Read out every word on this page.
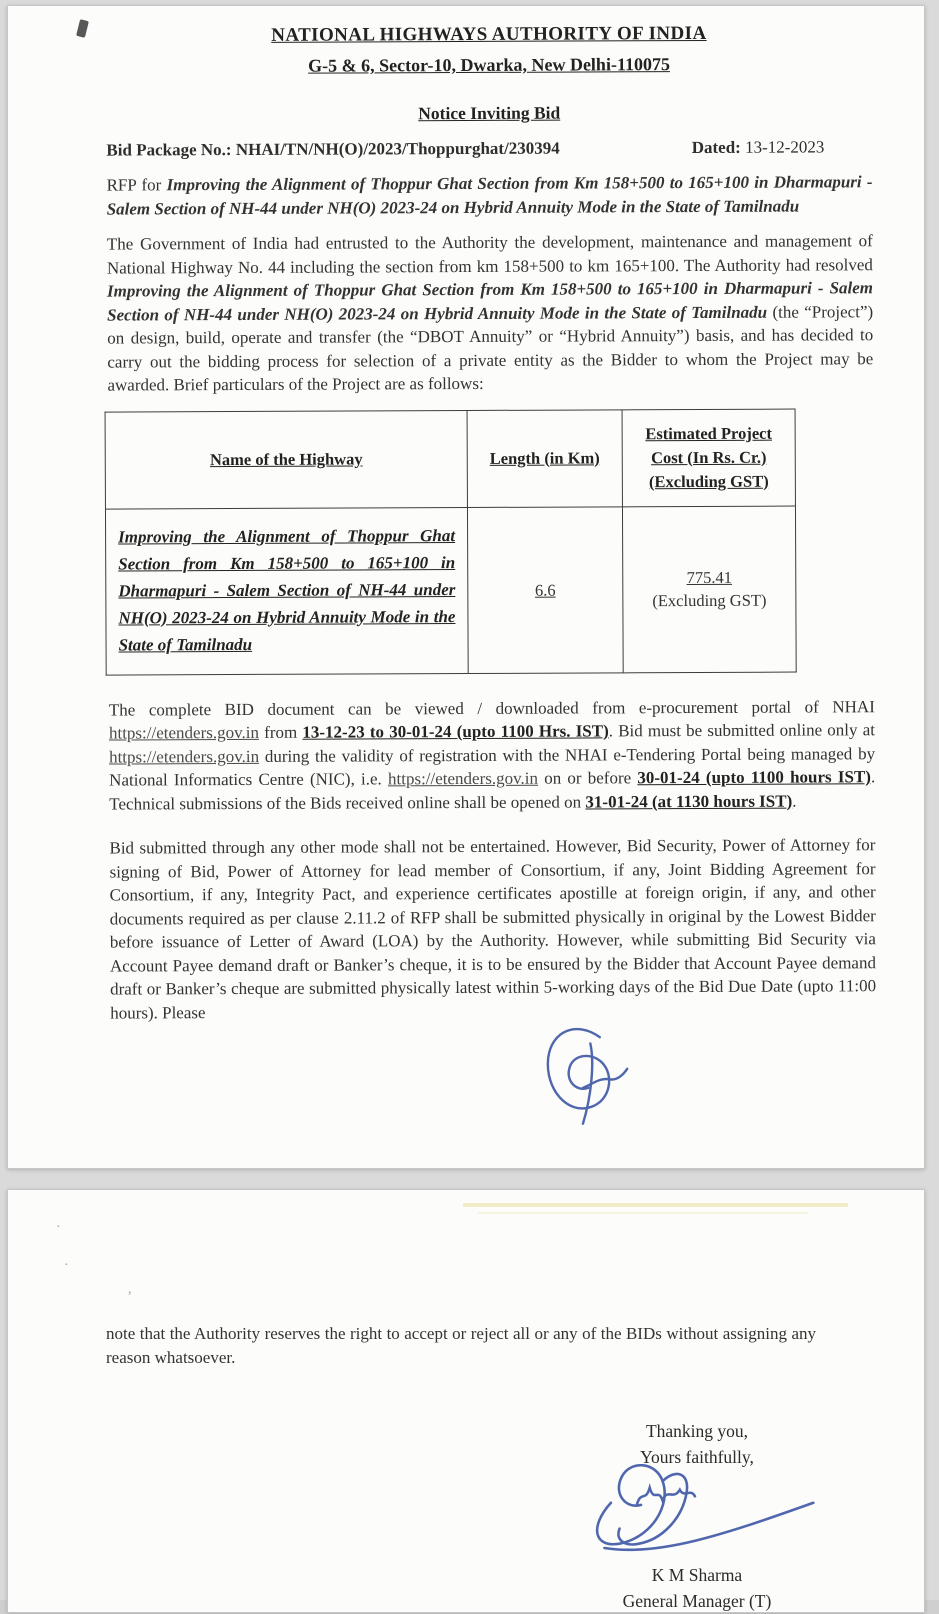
NATIONAL HIGHWAYS AUTHORITY OF INDIA
G-5 & 6, Sector-10, Dwarka, New Delhi-110075
Notice Inviting Bid
Bid Package No.: NHAI/TN/NH(O)/2023/Thoppurghat/230394	Dated: 13-12-2023

RFP for Improving the Alignment of Thoppur Ghat Section from Km 158+500 to 165+100 in Dharmapuri - Salem Section of NH-44 under NH(O) 2023-24 on Hybrid Annuity Mode in the State of Tamilnadu

The Government of India had entrusted to the Authority the development, maintenance and management of National Highway No. 44 including the section from km 158+500 to km 165+100. The Authority had resolved Improving the Alignment of Thoppur Ghat Section from Km 158+500 to 165+100 in Dharmapuri - Salem Section of NH-44 under NH(O) 2023-24 on Hybrid Annuity Mode in the State of Tamilnadu (the “Project”) on design, build, operate and transfer (the “DBOT Annuity” or “Hybrid Annuity”) basis, and has decided to carry out the bidding process for selection of a private entity as the Bidder to whom the Project may be awarded. Brief particulars of the Project are as follows:

Name of the Highway	Length (in Km)	Estimated Project Cost (In Rs. Cr.) (Excluding GST)
Improving the Alignment of Thoppur Ghat Section from Km 158+500 to 165+100 in Dharmapuri - Salem Section of NH-44 under NH(O) 2023-24 on Hybrid Annuity Mode in the State of Tamilnadu	6.6	775.41
(Excluding GST)

The complete BID document can be viewed / downloaded from e-procurement portal of NHAI https://etenders.gov.in from 13-12-23 to 30-01-24 (upto 1100 Hrs. IST). Bid must be submitted online only at https://etenders.gov.in during the validity of registration with the NHAI e-Tendering Portal being managed by National Informatics Centre (NIC), i.e. https://etenders.gov.in on or before 30-01-24 (upto 1100 hours IST). Technical submissions of the Bids received online shall be opened on 31-01-24 (at 1130 hours IST).

Bid submitted through any other mode shall not be entertained. However, Bid Security, Power of Attorney for signing of Bid, Power of Attorney for lead member of Consortium, if any, Joint Bidding Agreement for Consortium, if any, Integrity Pact, and experience certificates apostille at foreign origin, if any, and other documents required as per clause 2.11.2 of RFP shall be submitted physically in original by the Lowest Bidder before issuance of Letter of Award (LOA) by the Authority. However, while submitting Bid Security via Account Payee demand draft or Banker’s cheque, it is to be ensured by the Bidder that Account Payee demand draft or Banker’s cheque are submitted physically latest within 5-working days of the Bid Due Date (upto 11:00 hours). Please

·
·
,

note that the Authority reserves the right to accept or reject all or any of the BIDs without assigning any reason whatsoever.

Thanking you,
Yours faithfully,
K M Sharma
General Manager (T)
